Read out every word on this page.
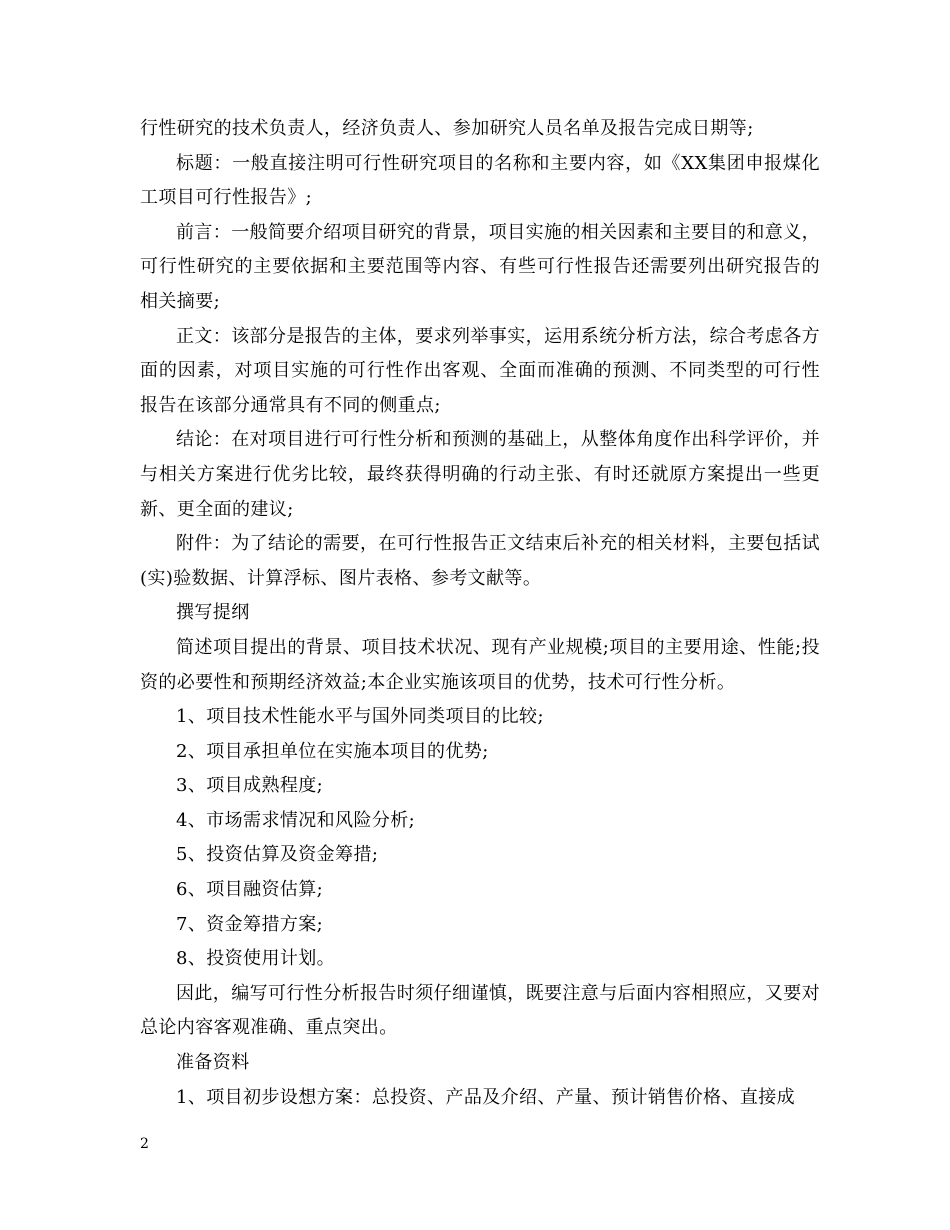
行性研究的技术负责人，经济负责人、参加研究人员名单及报告完成日期等;

标题：一般直接注明可行性研究项目的名称和主要内容，如《XX集团申报煤化工项目可行性报告》;

前言：一般简要介绍项目研究的背景，项目实施的相关因素和主要目的和意义，可行性研究的主要依据和主要范围等内容、有些可行性报告还需要列出研究报告的相关摘要;

正文：该部分是报告的主体，要求列举事实，运用系统分析方法，综合考虑各方面的因素，对项目实施的可行性作出客观、全面而准确的预测、不同类型的可行性报告在该部分通常具有不同的侧重点;

结论：在对项目进行可行性分析和预测的基础上，从整体角度作出科学评价，并与相关方案进行优劣比较，最终获得明确的行动主张、有时还就原方案提出一些更新、更全面的建议;

附件：为了结论的需要，在可行性报告正文结束后补充的相关材料，主要包括试(实)验数据、计算浮标、图片表格、参考文献等。

撰写提纲

简述项目提出的背景、项目技术状况、现有产业规模;项目的主要用途、性能;投资的必要性和预期经济效益;本企业实施该项目的优势，技术可行性分析。

1、项目技术性能水平与国外同类项目的比较;

2、项目承担单位在实施本项目的优势;

3、项目成熟程度;

4、市场需求情况和风险分析;

5、投资估算及资金筹措;

6、项目融资估算;

7、资金筹措方案;

8、投资使用计划。

因此，编写可行性分析报告时须仔细谨慎，既要注意与后面内容相照应，又要对总论内容客观准确、重点突出。

准备资料

1、项目初步设想方案：总投资、产品及介绍、产量、预计销售价格、直接成

2
